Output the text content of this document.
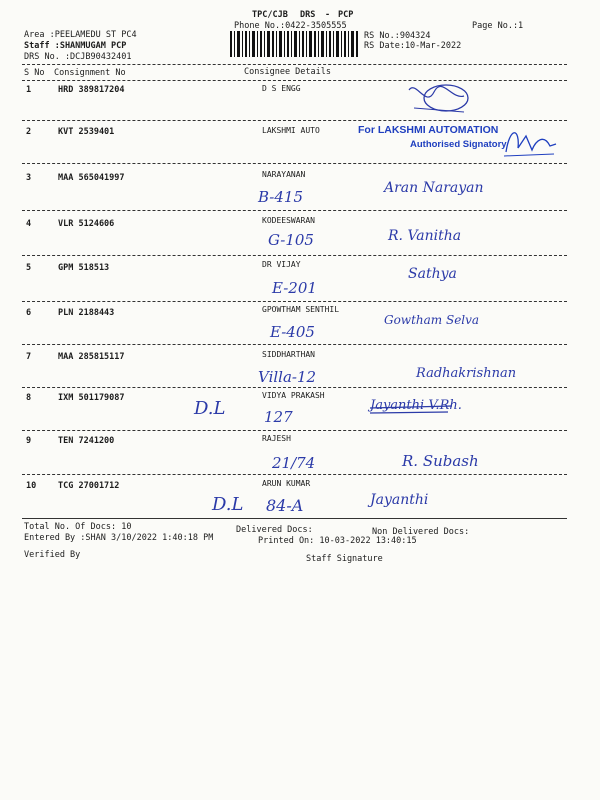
TPC/CJB DRS - PCP
Phone No.:0422-3505555	Page No.:1
Area :PEELAMEDU ST PC4
Staff :SHANMUGAM PCP
DRS No. :DCJB90432401
RS No.:904324
RS Date:10-Mar-2022
S No Consignment No	Consignee Details
1	HRD 389817204	D S ENGG
2	KVT 2539401	LAKSHMI AUTO	For LAKSHMI AUTOMATION
Authorised Signatory
3	MAA 565041997	NARAYANAN
B-415	Aran Narayan
4	VLR 5124606	KODEESWARAN
G-105	R. Vanitha
5	GPM 518513	DR VIJAY
E-201
Sathya
6	PLN 2188443	GPOWTHAM SENTHIL
E-405
Gowtham Selva
7	MAA 285815117	SIDDHARTHAN
Villa-12	Radhakrishnan
8	IXM 501179087	VIDYA PRAKASH
D.L	127
Jayanthi V.Rh.
9	TEN 7241200	RAJESH
21/74	R. Subash
10	TCG 27001712	ARUN KUMAR
D.L 84-A	Jayanthi
Total No. Of Docs: 10	Delivered Docs:	Non Delivered Docs:
Entered By :SHAN 3/10/2022 1:40:18 PM	Printed On: 10-03-2022 13:40:15
Verified By	Staff Signature
